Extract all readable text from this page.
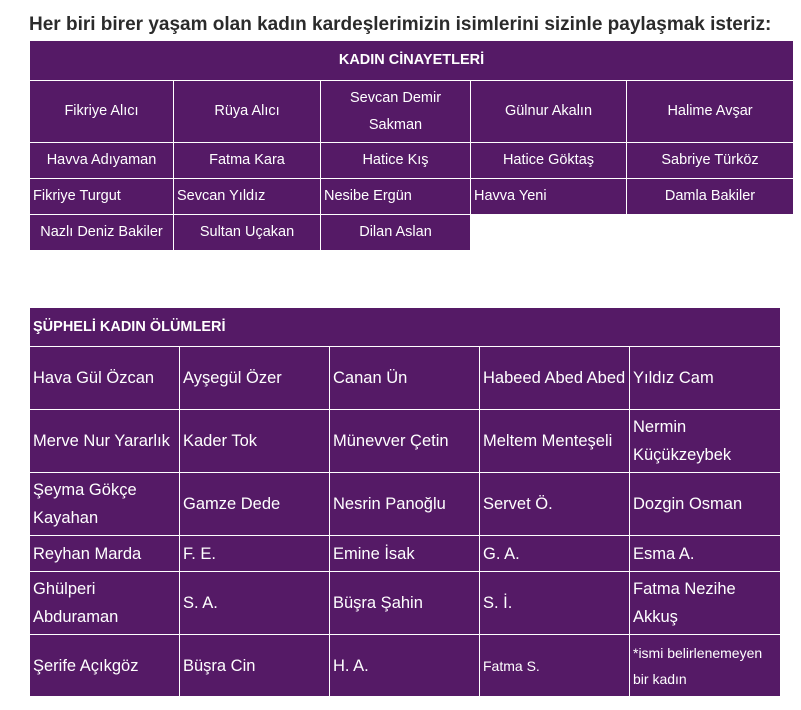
Her biri birer yaşam olan kadın kardeşlerimizin isimlerini sizinle paylaşmak isteriz:
KADIN CİNAYETLERİ				
Fikriye Alıcı	Rüya Alıcı	Sevcan Demir Sakman	Gülnur Akalın	Halime Avşar
Havva Adıyaman	Fatma Kara	Hatice Kış	Hatice Göktaş	Sabriye Türköz
Fikriye Turgut	Sevcan Yıldız	Nesibe Ergün	Havva Yeni	Damla Bakiler
Nazlı Deniz Bakiler	Sultan Uçakan	Dilan Aslan		
ŞÜPHELİ KADIN ÖLÜMLERİ				
Hava Gül Özcan	Ayşegül Özer	Canan Ün	Habeed Abed Abed	Yıldız Cam
Merve Nur Yararlık	Kader Tok	Münevver Çetin	Meltem Menteşeli	Nermin Küçükzeybek
Şeyma Gökçe Kayahan	Gamze Dede	Nesrin Panoğlu	Servet Ö.	Dozgin Osman
Reyhan Marda	F. E.	Emine İsak	G. A.	Esma A.
Ghülperi Abduraman	S. A.	Büşra Şahin	S. İ.	Fatma Nezihe Akkuş
Şerife Açıkgöz	Büşra Cin	H. A.	Fatma S.	*ismi belirlenemeyen bir kadın
